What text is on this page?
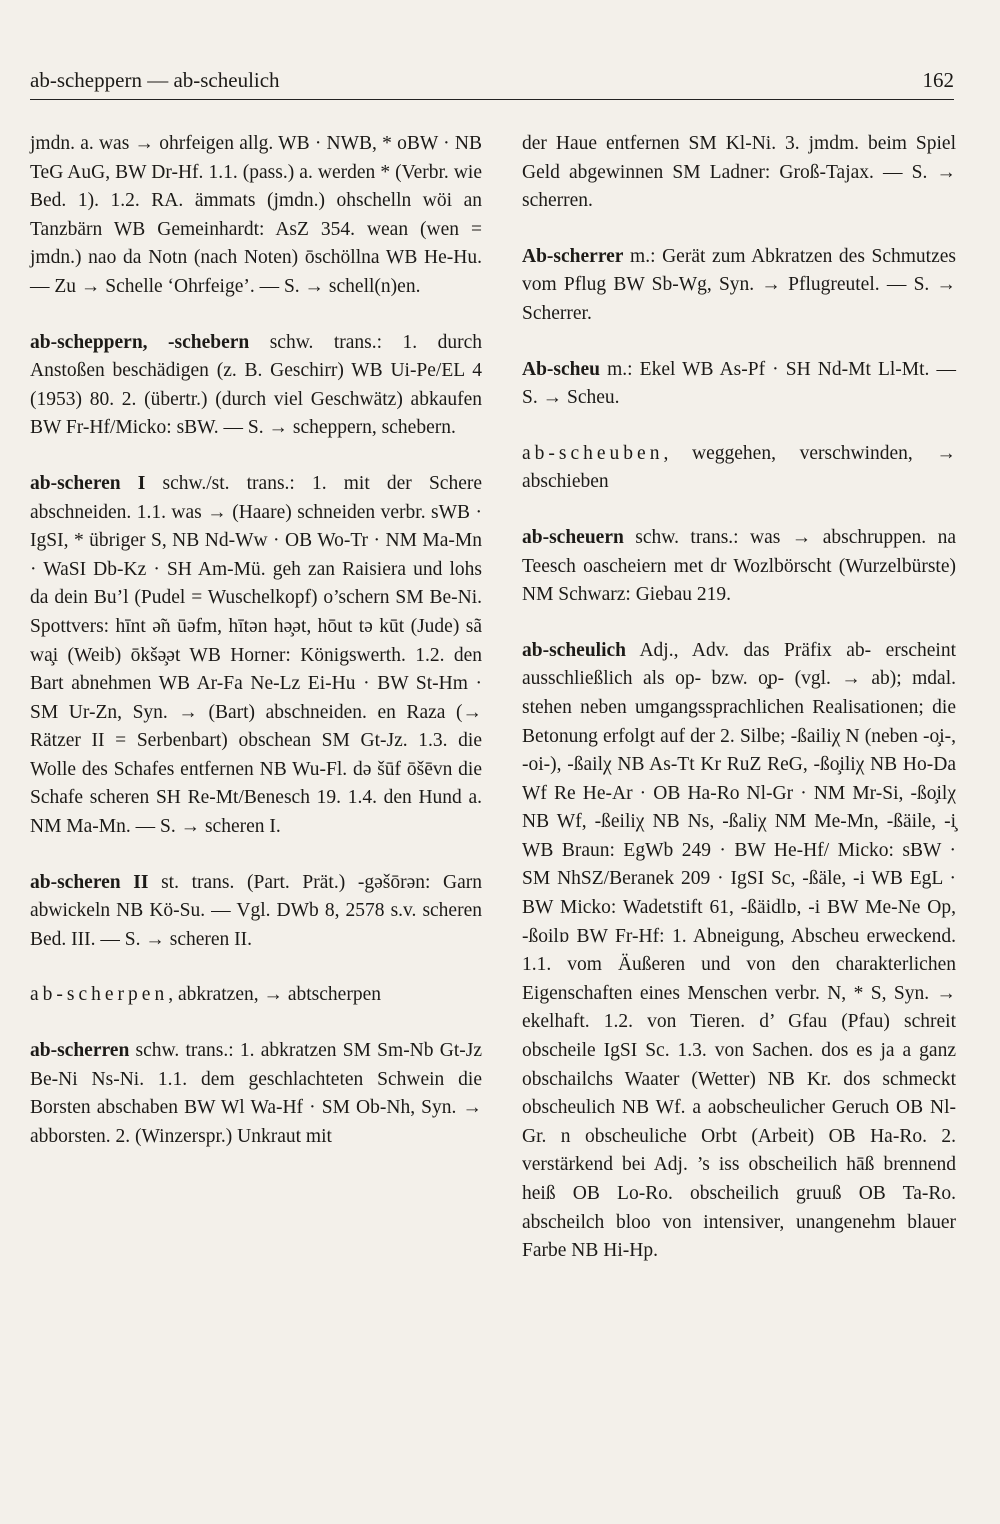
ab-scheppern — ab-scheulich	162

jmdn. a. was → ohrfeigen allg. WB · NWB, * oBW · NB TeG AuG, BW Dr-Hf. 1.1. (pass.) a. werden * (Verbr. wie Bed. 1). 1.2. RA. ämmats (jmdn.) ohschelln wöi an Tanzbärn WB Gemeinhardt: AsZ 354. wean (wen = jmdn.) nao da Notn (nach Noten) ōschöllna WB He-Hu. — Zu → Schelle ‘Ohrfeige’. — S. → schell(n)en.

ab-scheppern, -schebern schw. trans.: 1. durch Anstoßen beschädigen (z. B. Geschirr) WB Ui-Pe/EL 4 (1953) 80. 2. (übertr.) (durch viel Geschwätz) abkaufen BW Fr-Hf/Micko: sBW. — S. → scheppern, schebern.

ab-scheren I schw./st. trans.: 1. mit der Schere abschneiden. 1.1. was → (Haare) schneiden verbr. sWB · IgSI, * übriger S, NB Nd-Ww · OB Wo-Tr · NM Ma-Mn · WaSI Db-Kz · SH Am-Mü. geh zan Raisiera und lohs da dein Bu’l (Pudel = Wuschelkopf) o’schern SM Be-Ni. Spottvers: hīnt ə̃n ūəfm, hītən hə̧ət, hōut tə kūt (Jude) sã wa̧i (Weib) ōkšə̧ət WB Horner: Königswerth. 1.2. den Bart abnehmen WB Ar-Fa Ne-Lz Ei-Hu · BW St-Hm · SM Ur-Zn, Syn. → (Bart) abschneiden. en Raza (→ Rätzer II = Serbenbart) obschean SM Gt-Jz. 1.3. die Wolle des Schafes entfernen NB Wu-Fl. də šūf ōšēvn die Schafe scheren SH Re-Mt/Benesch 19. 1.4. den Hund a. NM Ma-Mn. — S. → scheren I.

ab-scheren II st. trans. (Part. Prät.) -gəšōrən: Garn abwickeln NB Kö-Su. — Vgl. DWb 8, 2578 s.v. scheren Bed. III. — S. → scheren II.

ab-scherpen, abkratzen, → abtscherpen

ab-scherren schw. trans.: 1. abkratzen SM Sm-Nb Gt-Jz Be-Ni Ns-Ni. 1.1. dem geschlachteten Schwein die Borsten abschaben BW Wl Wa-Hf · SM Ob-Nh, Syn. → abborsten. 2. (Winzerspr.) Unkraut mit

der Haue entfernen SM Kl-Ni. 3. jmdm. beim Spiel Geld abgewinnen SM Ladner: Groß-Tajax. — S. → scherren.

Ab-scherrer m.: Gerät zum Abkratzen des Schmutzes vom Pflug BW Sb-Wg, Syn. → Pflugreutel. — S. → Scherrer.

Ab-scheu m.: Ekel WB As-Pf · SH Nd-Mt Ll-Mt. — S. → Scheu.

ab-scheuben, weggehen, verschwinden, → abschieben

ab-scheuern schw. trans.: was → abschruppen. na Teesch oascheiern met dr Wozlbörscht (Wurzelbürste) NM Schwarz: Giebau 219.

ab-scheulich Adj., Adv. das Präfix ab- erscheint ausschließlich als op- bzw. o̧p- (vgl. → ab); mdal. stehen neben umgangssprachlichen Realisationen; die Betonung erfolgt auf der 2. Silbe; -ßailiχ N (neben -o̧i-, -oi-), -ßailχ NB As-Tt Kr RuZ ReG, -ßo̧iliχ NB Ho-Da Wf Re He-Ar · OB Ha-Ro Nl-Gr · NM Mr-Si, -ßo̧ilχ NB Wf, -ßeiliχ NB Ns, -ßaliχ NM Me-Mn, -ßäile, -i̧ WB Braun: EgWb 249 · BW He-Hf/ Micko: sBW · SM NhSZ/Beranek 209 · IgSI Sc, -ßäle, -i WB EgL · BW Micko: Wadetstift 61, -ßäidlɒ, -i BW Me-Ne Op, -ßoilɒ BW Fr-Hf: 1. Abneigung, Abscheu erweckend. 1.1. vom Äußeren und von den charakterlichen Eigenschaften eines Menschen verbr. N, * S, Syn. → ekelhaft. 1.2. von Tieren. d’ Gfau (Pfau) schreit obscheile IgSI Sc. 1.3. von Sachen. dos es ja a ganz obschailchs Waater (Wetter) NB Kr. dos schmeckt obscheulich NB Wf. a aobscheulicher Geruch OB Nl-Gr. n obscheuliche Orbt (Arbeit) OB Ha-Ro. 2. verstärkend bei Adj. ’s iss obscheilich hāß brennend heiß OB Lo-Ro. obscheilich gruuß OB Ta-Ro. abscheilch bloo von intensiver, unangenehm blauer Farbe NB Hi-Hp.
